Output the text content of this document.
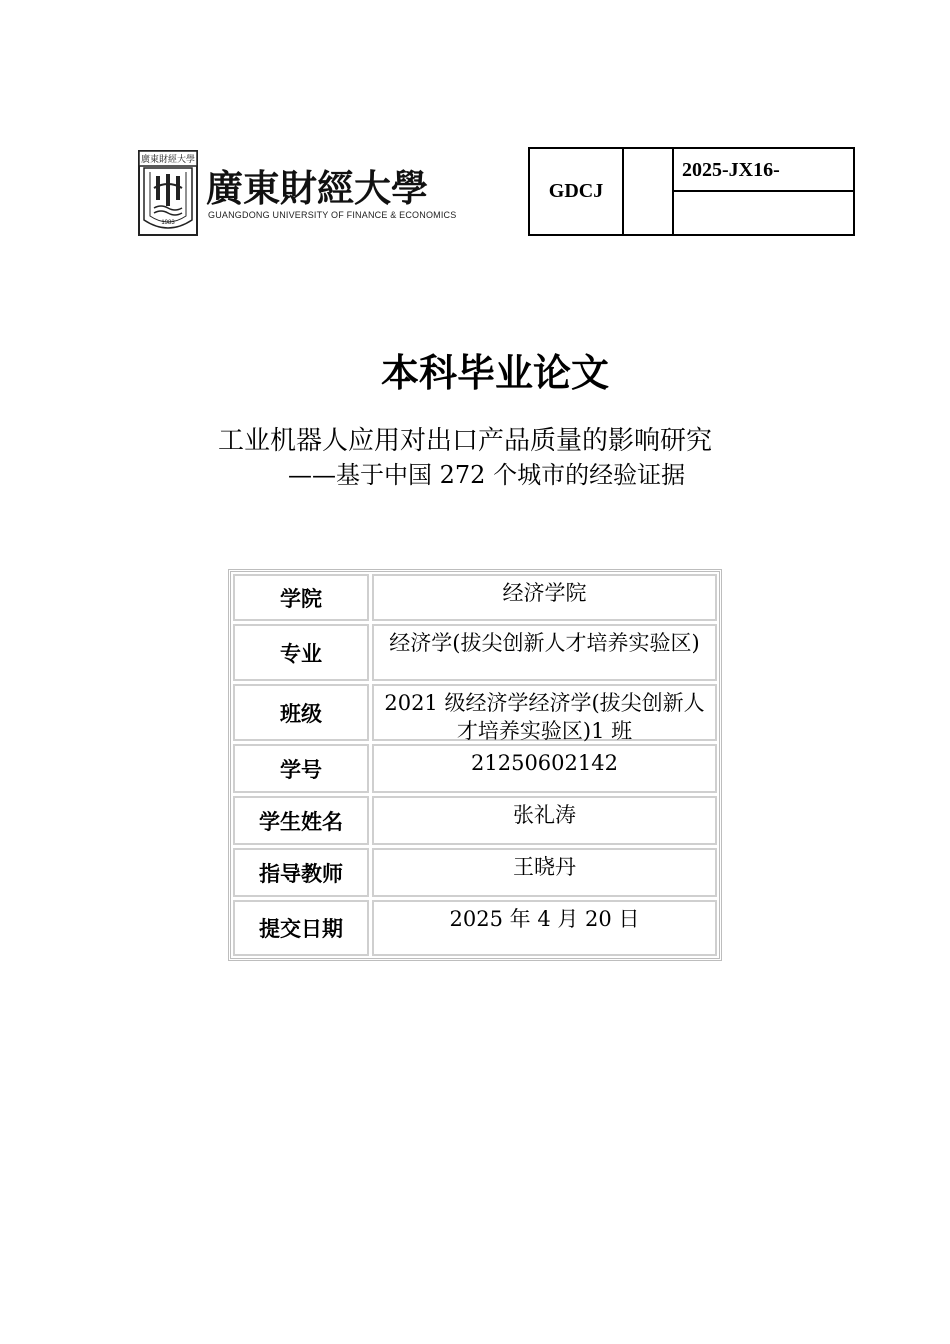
廣東財經大學
1983
廣東財經大學
GUANGDONG UNIVERSITY OF FINANCE & ECONOMICS
GDCJ
2025-JX16-
本科毕业论文
工业机器人应用对出口产品质量的影响研究
——基于中国 272 个城市的经验证据
学院	经济学院
专业	经济学(拔尖创新人才培养实验区)
班级	2021 级经济学经济学(拔尖创新人才培养实验区)1 班
学号	21250602142
学生姓名	张礼涛
指导教师	王晓丹
提交日期	2025 年 4 月 20 日
